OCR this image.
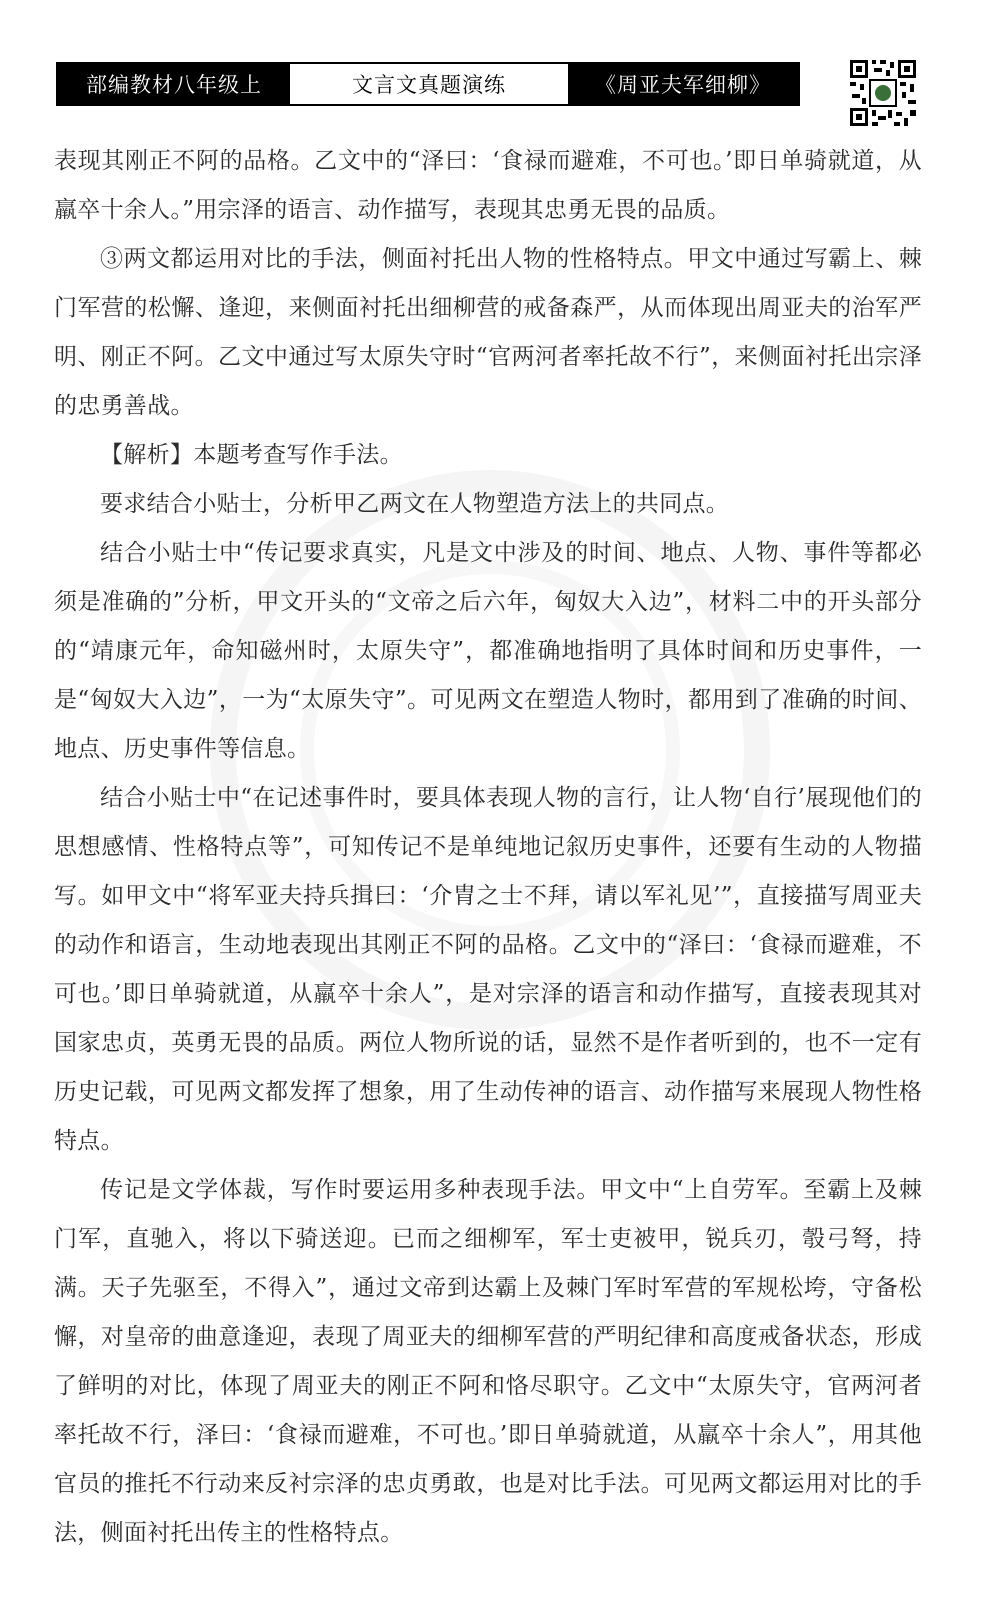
部编教材八年级上	文言文真题演练	《周亚夫军细柳》

表现其刚正不阿的品格。乙文中的“泽曰：‘食禄而避难，不可也。’即日单骑就道，从羸卒十余人。”用宗泽的语言、动作描写，表现其忠勇无畏的品质。

③两文都运用对比的手法，侧面衬托出人物的性格特点。甲文中通过写霸上、棘门军营的松懈、逢迎，来侧面衬托出细柳营的戒备森严，从而体现出周亚夫的治军严明、刚正不阿。乙文中通过写太原失守时“官两河者率托故不行”，来侧面衬托出宗泽的忠勇善战。

【解析】本题考查写作手法。

要求结合小贴士，分析甲乙两文在人物塑造方法上的共同点。

结合小贴士中“传记要求真实，凡是文中涉及的时间、地点、人物、事件等都必须是准确的”分析，甲文开头的“文帝之后六年，匈奴大入边”，材料二中的开头部分的“靖康元年，命知磁州时，太原失守”，都准确地指明了具体时间和历史事件，一是“匈奴大入边”，一为“太原失守”。可见两文在塑造人物时，都用到了准确的时间、地点、历史事件等信息。

结合小贴士中“在记述事件时，要具体表现人物的言行，让人物‘自行’展现他们的思想感情、性格特点等”，可知传记不是单纯地记叙历史事件，还要有生动的人物描写。如甲文中“将军亚夫持兵揖曰：‘介胄之士不拜，请以军礼见’”，直接描写周亚夫的动作和语言，生动地表现出其刚正不阿的品格。乙文中的“泽曰：‘食禄而避难，不可也。’即日单骑就道，从羸卒十余人”，是对宗泽的语言和动作描写，直接表现其对国家忠贞，英勇无畏的品质。两位人物所说的话，显然不是作者听到的，也不一定有历史记载，可见两文都发挥了想象，用了生动传神的语言、动作描写来展现人物性格特点。

传记是文学体裁，写作时要运用多种表现手法。甲文中“上自劳军。至霸上及棘门军，直驰入，将以下骑送迎。已而之细柳军，军士吏被甲，锐兵刃，彀弓弩，持满。天子先驱至，不得入”，通过文帝到达霸上及棘门军时军营的军规松垮，守备松懈，对皇帝的曲意逢迎，表现了周亚夫的细柳军营的严明纪律和高度戒备状态，形成了鲜明的对比，体现了周亚夫的刚正不阿和恪尽职守。乙文中“太原失守，官两河者率托故不行，泽曰：‘食禄而避难，不可也。’即日单骑就道，从羸卒十余人”，用其他官员的推托不行动来反衬宗泽的忠贞勇敢，也是对比手法。可见两文都运用对比的手法，侧面衬托出传主的性格特点。
